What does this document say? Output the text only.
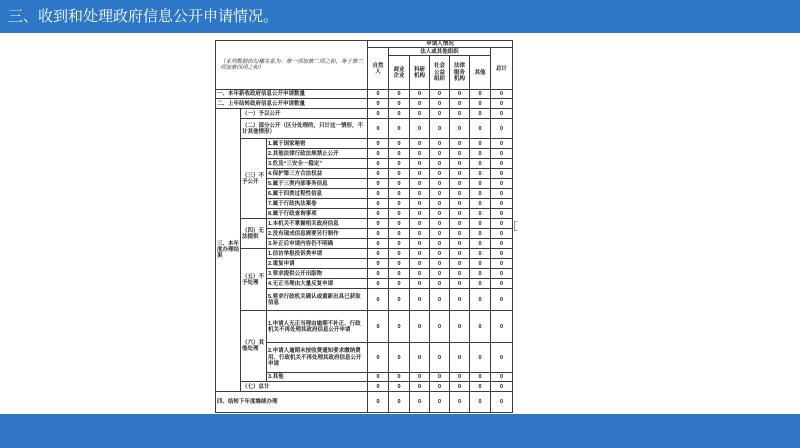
三、收到和处理政府信息公开申请情况。
（本列数据的勾稽关系为：第一项加第二项之和，等于第三项加第四项之和）			申请人情况						
			自然人	法人或其他组织					总计
				商业企业	科研机构	社会公益组织	法律服务机构	其他	
一、本年新收政府信息公开申请数量			0	0	0	0	0	0	0
二、上年结转政府信息公开申请数量			0	0	0	0	0	0	0
三、本年度办理结果	（一）予以公开		0	0	0	0	0	0	0
	（二）部分公开（区分处理的，只计这一情形，不计其他情形）		0	0	0	0	0	0	0
	（三）不予公开	1.属于国家秘密	0	0	0	0	0	0	0
		2.其他法律行政法规禁止公开	0	0	0	0	0	0	0
		3.危及“三安全一稳定”	0	0	0	0	0	0	0
		4.保护第三方合法权益	0	0	0	0	0	0	0
		5.属于三类内部事务信息	0	0	0	0	0	0	0
		6.属于四类过程性信息	0	0	0	0	0	0	0
		7.属于行政执法案卷	0	0	0	0	0	0	0
		8.属于行政查询事项	0	0	0	0	0	0	0
	（四）无法提供	1.本机关不掌握相关政府信息	0	0	0	0	0	0	0
		2.没有现成信息需要另行制作	0	0	0	0	0	0	0
		3.补正后申请内容仍不明确	0	0	0	0	0	0	0
	（五）不予处理	1.信访举报投诉类申请	0	0	0	0	0	0	0
		2.重复申请	0	0	0	0	0	0	0
		3.要求提供公开出版物	0	0	0	0	0	0	0
		4.无正当理由大量反复申请	0	0	0	0	0	0	0
		5.要求行政机关确认或重新出具已获取信息	0	0	0	0	0	0	0
	（六）其他处理	1.申请人无正当理由逾期不补正、行政机关不再处理其政府信息公开申请	0	0	0	0	0	0	0
		2.申请人逾期未按收费通知要求缴纳费用、行政机关不再处理其政府信息公开申请	0	0	0	0	0	0	0
		3.其他	0	0	0	0	0	0	0
	（七）总计		0	0	0	0	0	0	0
四、结转下年度继续办理			0	0	0	0	0	0	0
